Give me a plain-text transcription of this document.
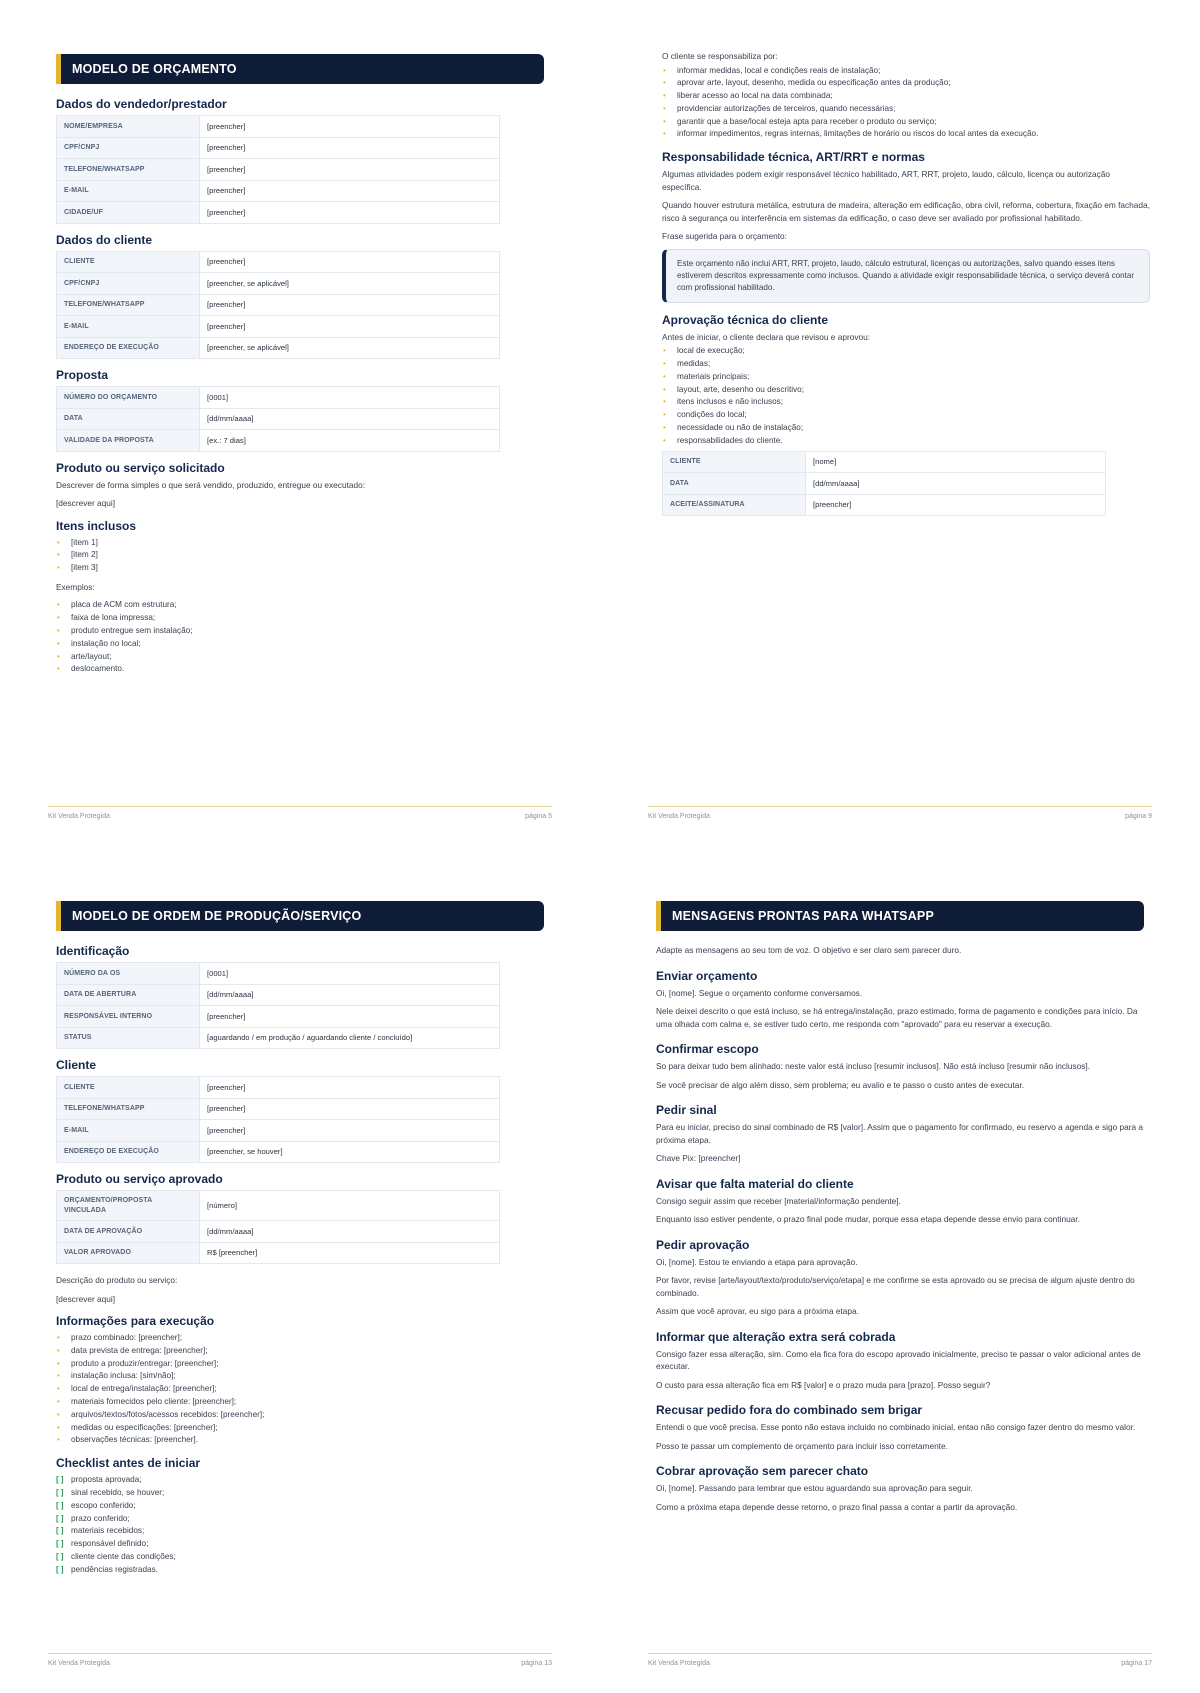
MODELO DE ORÇAMENTO
Dados do vendedor/prestador
NOME/EMPRESA	[preencher]
CPF/CNPJ	[preencher]
TELEFONE/WHATSAPP	[preencher]
E-MAIL	[preencher]
CIDADE/UF	[preencher]
Dados do cliente
CLIENTE	[preencher]
CPF/CNPJ	[preencher, se aplicável]
TELEFONE/WHATSAPP	[preencher]
E-MAIL	[preencher]
ENDEREÇO DE EXECUÇÃO	[preencher, se aplicável]
Proposta
NÚMERO DO ORÇAMENTO	[0001]
DATA	[dd/mm/aaaa]
VALIDADE DA PROPOSTA	[ex.: 7 dias]
Produto ou serviço solicitado

Descrever de forma simples o que será vendido, produzido, entregue ou executado:

[descrever aqui]

Itens inclusos
• [item 1]
• [item 2]
• [item 3]

Exemplos:

• placa de ACM com estrutura;
• faixa de lona impressa;
• produto entregue sem instalação;
• instalação no local;
• arte/layout;
• deslocamento.
Kit Venda Protegida	página 5

O cliente se responsabiliza por:

• informar medidas, local e condições reais de instalação;
• aprovar arte, layout, desenho, medida ou especificação antes da produção;
• liberar acesso ao local na data combinada;
• providenciar autorizações de terceiros, quando necessárias;
• garantir que a base/local esteja apta para receber o produto ou serviço;
• informar impedimentos, regras internas, limitações de horário ou riscos do local antes da execução.
Responsabilidade técnica, ART/RRT e normas

Algumas atividades podem exigir responsável técnico habilitado, ART, RRT, projeto, laudo, cálculo, licença ou autorização específica.

Quando houver estrutura metálica, estrutura de madeira, alteração em edificação, obra civil, reforma, cobertura, fixação em fachada, risco à segurança ou interferência em sistemas da edificação, o caso deve ser avaliado por profissional habilitado.

Frase sugerida para o orçamento:

Este orçamento não inclui ART, RRT, projeto, laudo, cálculo estrutural, licenças ou autorizações, salvo quando esses itens estiverem descritos expressamente como inclusos. Quando a atividade exigir responsabilidade técnica, o serviço deverá contar com profissional habilitado.

Aprovação técnica do cliente

Antes de iniciar, o cliente declara que revisou e aprovou:

• local de execução;
• medidas;
• materiais principais;
• layout, arte, desenho ou descritivo;
• itens inclusos e não inclusos;
• condições do local;
• necessidade ou não de instalação;
• responsabilidades do cliente.
CLIENTE	[nome]
DATA	[dd/mm/aaaa]
ACEITE/ASSINATURA	[preencher]
Kit Venda Protegida	página 9
MODELO DE ORDEM DE PRODUÇÃO/SERVIÇO
Identificação
NÚMERO DA OS	[0001]
DATA DE ABERTURA	[dd/mm/aaaa]
RESPONSÁVEL INTERNO	[preencher]
STATUS	[aguardando / em produção / aguardando cliente / concluído]
Cliente
CLIENTE	[preencher]
TELEFONE/WHATSAPP	[preencher]
E-MAIL	[preencher]
ENDEREÇO DE EXECUÇÃO	[preencher, se houver]
Produto ou serviço aprovado
ORÇAMENTO/PROPOSTA VINCULADA	[número]
DATA DE APROVAÇÃO	[dd/mm/aaaa]
VALOR APROVADO	R$ [preencher]

Descrição do produto ou serviço:

[descrever aqui]

Informações para execução
• prazo combinado: [preencher];
• data prevista de entrega: [preencher];
• produto a produzir/entregar: [preencher];
• instalação inclusa: [sim/não];
• local de entrega/instalação: [preencher];
• materiais fornecidos pelo cliente: [preencher];
• arquivos/textos/fotos/acessos recebidos: [preencher];
• medidas ou especificações: [preencher];
• observações técnicas: [preencher].
Checklist antes de iniciar
[ ] proposta aprovada;
[ ] sinal recebido, se houver;
[ ] escopo conferido;
[ ] prazo conferido;
[ ] materiais recebidos;
[ ] responsável definido;
[ ] cliente ciente das condições;
[ ] pendências registradas.
Kit Venda Protegida	página 13
MENSAGENS PRONTAS PARA WHATSAPP

Adapte as mensagens ao seu tom de voz. O objetivo e ser claro sem parecer duro.

Enviar orçamento

Oi, [nome]. Segue o orçamento conforme conversamos.

Nele deixei descrito o que está incluso, se há entrega/instalação, prazo estimado, forma de pagamento e condições para início. Da uma olhada com calma e, se estiver tudo certo, me responda com "aprovado" para eu reservar a execução.

Confirmar escopo

So para deixar tudo bem alinhado: neste valor está incluso [resumir inclusos]. Não está incluso [resumir não inclusos].

Se você precisar de algo além disso, sem problema; eu avalio e te passo o custo antes de executar.

Pedir sinal

Para eu iniciar, preciso do sinal combinado de R$ [valor]. Assim que o pagamento for confirmado, eu reservo a agenda e sigo para a próxima etapa.

Chave Pix: [preencher]

Avisar que falta material do cliente

Consigo seguir assim que receber [material/informação pendente].

Enquanto isso estiver pendente, o prazo final pode mudar, porque essa etapa depende desse envio para continuar.

Pedir aprovação

Oi, [nome]. Estou te enviando a etapa para aprovação.

Por favor, revise [arte/layout/texto/produto/serviço/etapa] e me confirme se esta aprovado ou se precisa de algum ajuste dentro do combinado.

Assim que você aprovar, eu sigo para a próxima etapa.

Informar que alteração extra será cobrada

Consigo fazer essa alteração, sim. Como ela fica fora do escopo aprovado inicialmente, preciso te passar o valor adicional antes de executar.

O custo para essa alteração fica em R$ [valor] e o prazo muda para [prazo]. Posso seguir?

Recusar pedido fora do combinado sem brigar

Entendi o que você precisa. Esse ponto não estava incluido no combinado inicial, entao não consigo fazer dentro do mesmo valor.

Posso te passar um complemento de orçamento para incluir isso corretamente.

Cobrar aprovação sem parecer chato

Oi, [nome]. Passando para lembrar que estou aguardando sua aprovação para seguir.

Como a próxima etapa depende desse retorno, o prazo final passa a contar a partir da aprovação.

Kit Venda Protegida	página 17
